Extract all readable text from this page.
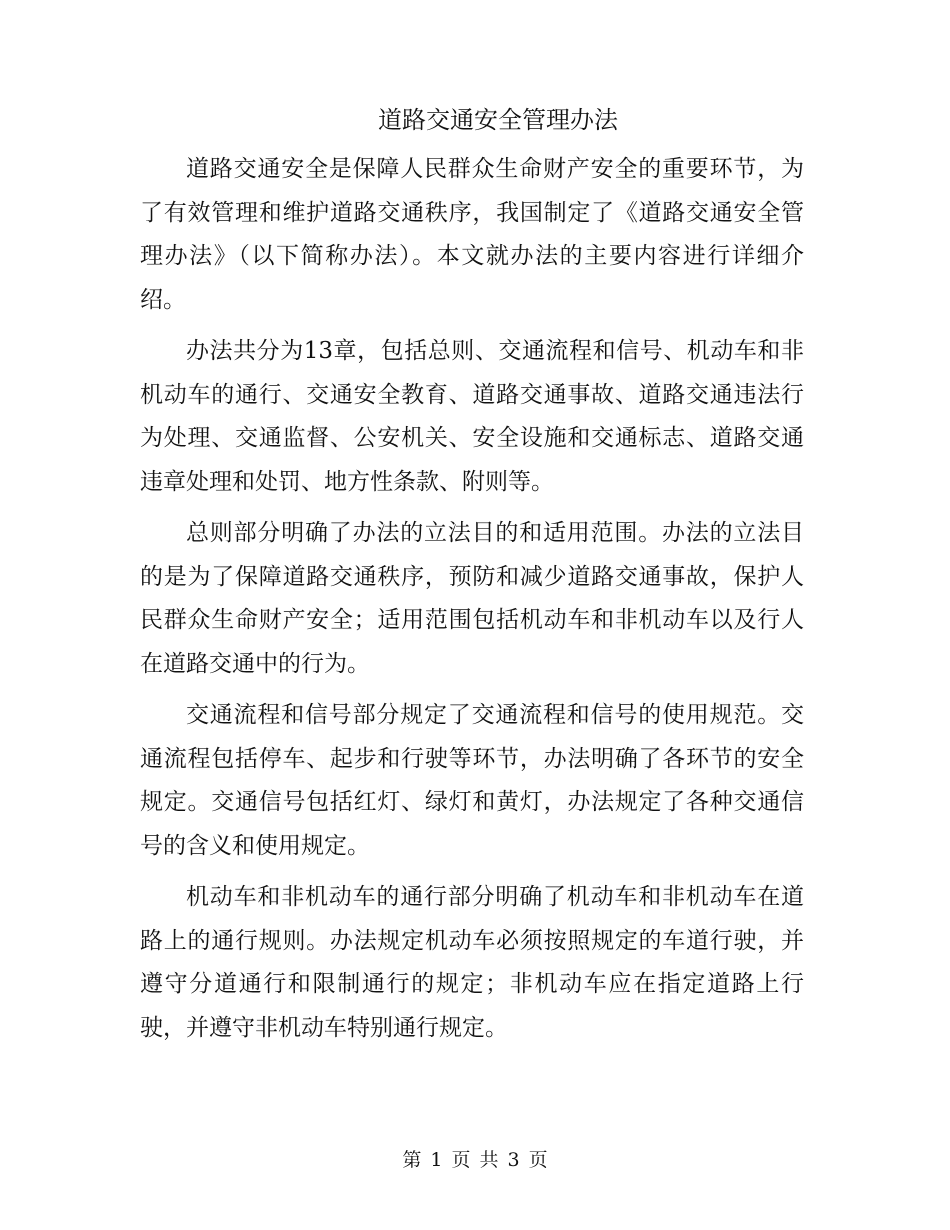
道路交通安全管理办法

道路交通安全是保障人民群众生命财产安全的重要环节，为了有效管理和维护道路交通秩序，我国制定了《道路交通安全管理办法》（以下简称办法）。本文就办法的主要内容进行详细介绍。

办法共分为13章，包括总则、交通流程和信号、机动车和非机动车的通行、交通安全教育、道路交通事故、道路交通违法行为处理、交通监督、公安机关、安全设施和交通标志、道路交通违章处理和处罚、地方性条款、附则等。

总则部分明确了办法的立法目的和适用范围。办法的立法目的是为了保障道路交通秩序，预防和减少道路交通事故，保护人民群众生命财产安全；适用范围包括机动车和非机动车以及行人在道路交通中的行为。

交通流程和信号部分规定了交通流程和信号的使用规范。交通流程包括停车、起步和行驶等环节，办法明确了各环节的安全规定。交通信号包括红灯、绿灯和黄灯，办法规定了各种交通信号的含义和使用规定。

机动车和非机动车的通行部分明确了机动车和非机动车在道路上的通行规则。办法规定机动车必须按照规定的车道行驶，并遵守分道通行和限制通行的规定；非机动车应在指定道路上行驶，并遵守非机动车特别通行规定。

第 1 页 共 3 页
